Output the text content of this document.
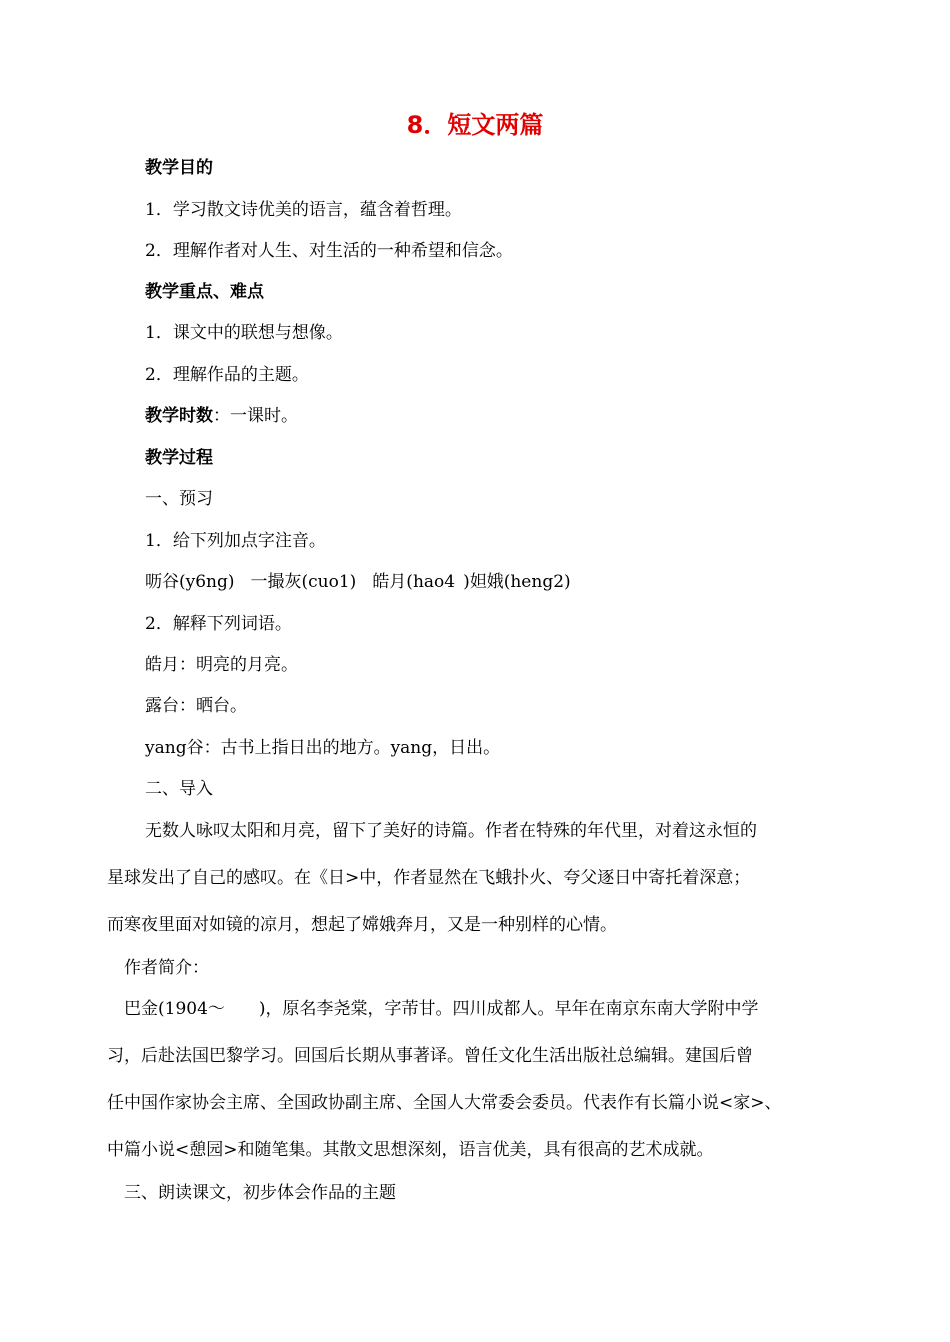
8．短文两篇
教学目的
1．学习散文诗优美的语言，蕴含着哲理。
2．理解作者对人生、对生活的一种希望和信念。
教学重点、难点
1．课文中的联想与想像。
2．理解作品的主题。
教学时数：一课时。
教学过程
一、预习
1．给下列加点字注音。
呖谷(y6ng) 一撮灰(cuo1) 皓月(hao4 )妲娥(heng2)
2．解释下列词语。
皓月：明亮的月亮。
露台：晒台。
yang谷：古书上指日出的地方。yang，日出。
二、导入
无数人咏叹太阳和月亮，留下了美好的诗篇。作者在特殊的年代里，对着这永恒的
星球发出了自己的感叹。在《日>中，作者显然在飞蛾扑火、夸父逐日中寄托着深意；
而寒夜里面对如镜的凉月，想起了嫦娥奔月，又是一种别样的心情。
作者简介：
巴金(1904～　　)，原名李尧棠，字芾甘。四川成都人。早年在南京东南大学附中学
习，后赴法国巴黎学习。回国后长期从事著译。曾任文化生活出版社总编辑。建国后曾
任中国作家协会主席、全国政协副主席、全国人大常委会委员。代表作有长篇小说<家>、
中篇小说<憩园>和随笔集。其散文思想深刻，语言优美，具有很高的艺术成就。
三、朗读课文，初步体会作品的主题
